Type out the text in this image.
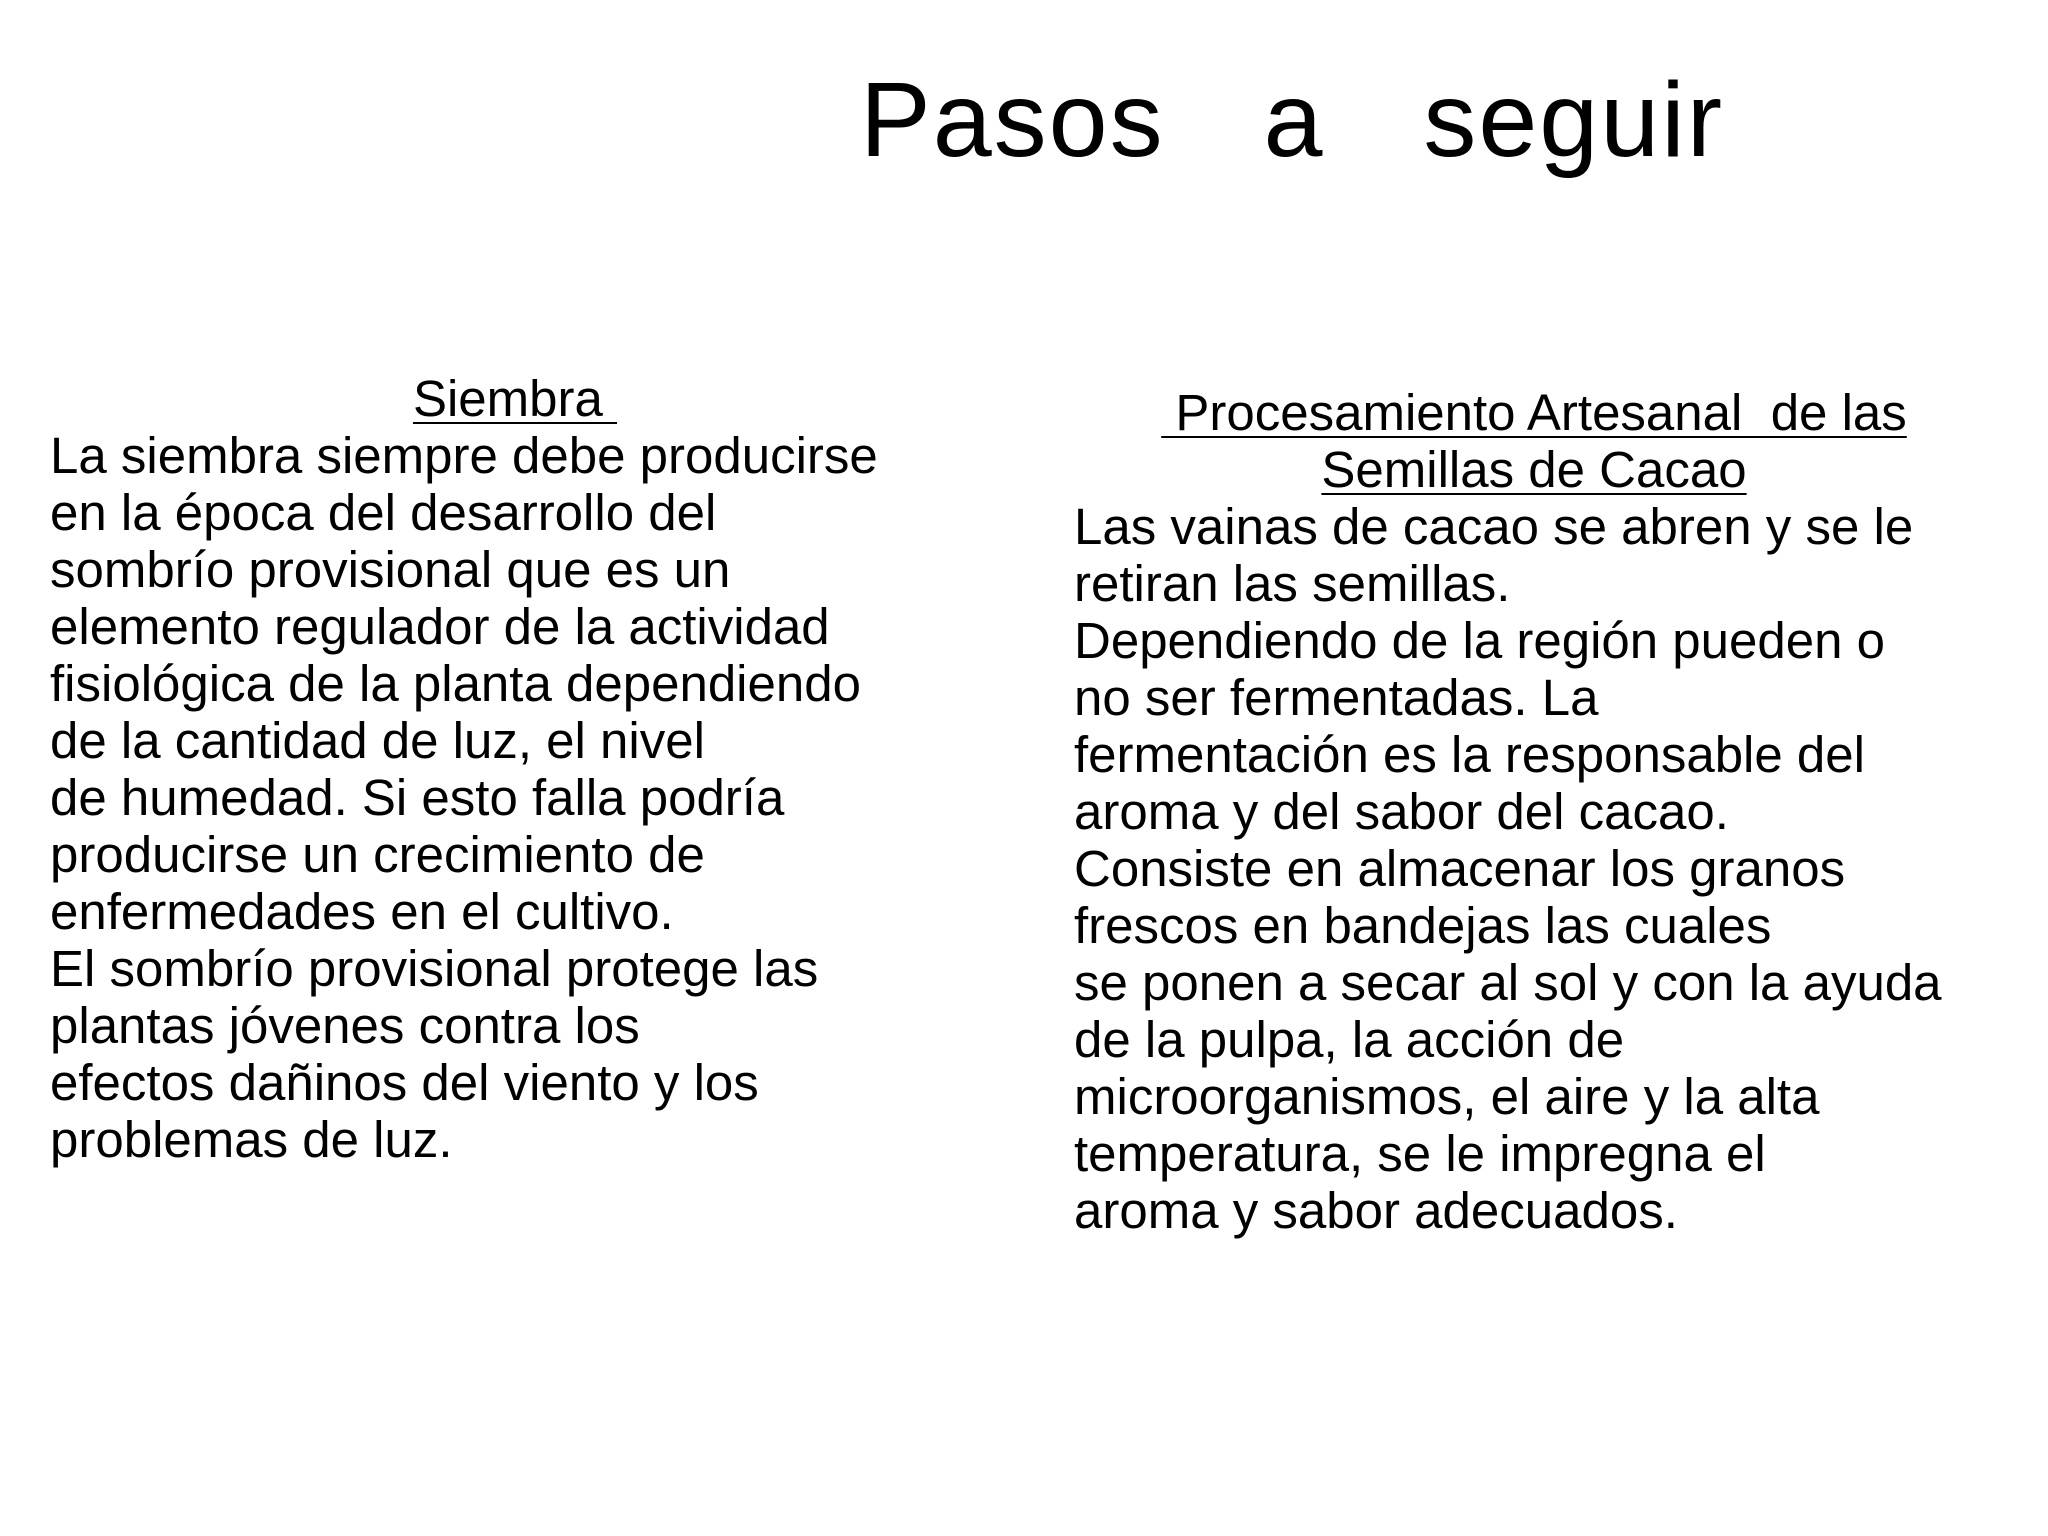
Pasos  a  seguir
Siembra
La siembra siempre debe producirse
en la época del desarrollo del
sombrío provisional que es un
elemento regulador de la actividad
fisiológica de la planta dependiendo
de la cantidad de luz, el nivel
de humedad. Si esto falla podría
producirse un crecimiento de
enfermedades en el cultivo.
El sombrío provisional protege las
plantas jóvenes contra los
efectos dañinos del viento y los
problemas de luz.
Procesamiento Artesanal  de las
Semillas de Cacao
Las vainas de cacao se abren y se le
retiran las semillas.
Dependiendo de la región pueden o
no ser fermentadas. La
fermentación es la responsable del
aroma y del sabor del cacao.
Consiste en almacenar los granos
frescos en bandejas las cuales
se ponen a secar al sol y con la ayuda
de la pulpa, la acción de
microorganismos, el aire y la alta
temperatura, se le impregna el
aroma y sabor adecuados.
